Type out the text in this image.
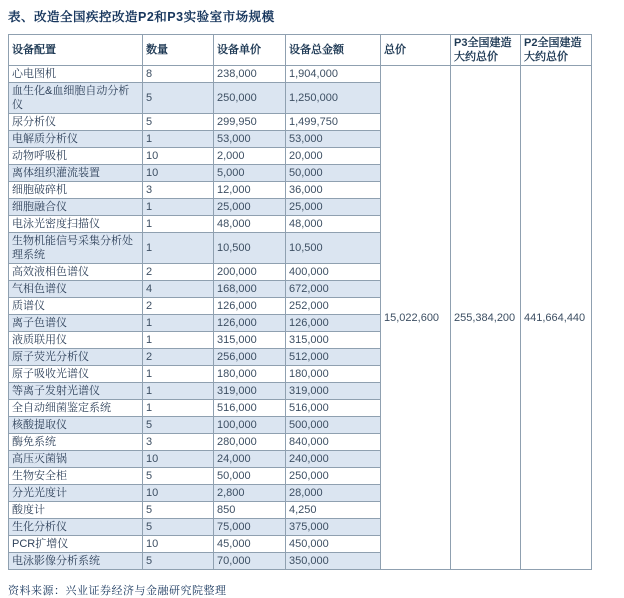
表、改造全国疾控改造P2和P3实验室市场规模
设备配置	数量	设备单价	设备总金额	总价	P3全国建造大约总价	P2全国建造大约总价
心电图机	8	238,000	1,904,000	15,022,600	255,384,200	441,664,440
血生化&血细胞自动分析仪	5	250,000	1,250,000			
尿分析仪	5	299,950	1,499,750			
电解质分析仪	1	53,000	53,000			
动物呼吸机	10	2,000	20,000			
离体组织灌流装置	10	5,000	50,000			
细胞破碎机	3	12,000	36,000			
细胞融合仪	1	25,000	25,000			
电泳光密度扫描仪	1	48,000	48,000			
生物机能信号采集分析处理系统	1	10,500	10,500			
高效液相色谱仪	2	200,000	400,000			
气相色谱仪	4	168,000	672,000			
质谱仪	2	126,000	252,000			
离子色谱仪	1	126,000	126,000			
液质联用仪	1	315,000	315,000			
原子荧光分析仪	2	256,000	512,000			
原子吸收光谱仪	1	180,000	180,000			
等离子发射光谱仪	1	319,000	319,000			
全自动细菌鉴定系统	1	516,000	516,000			
核酸提取仪	5	100,000	500,000			
酶免系统	3	280,000	840,000			
高压灭菌锅	10	24,000	240,000			
生物安全柜	5	50,000	250,000			
分光光度计	10	2,800	28,000			
酸度计	5	850	4,250			
生化分析仪	5	75,000	375,000			
PCR扩增仪	10	45,000	450,000			
电泳影像分析系统	5	70,000	350,000			
资料来源：兴业证券经济与金融研究院整理
